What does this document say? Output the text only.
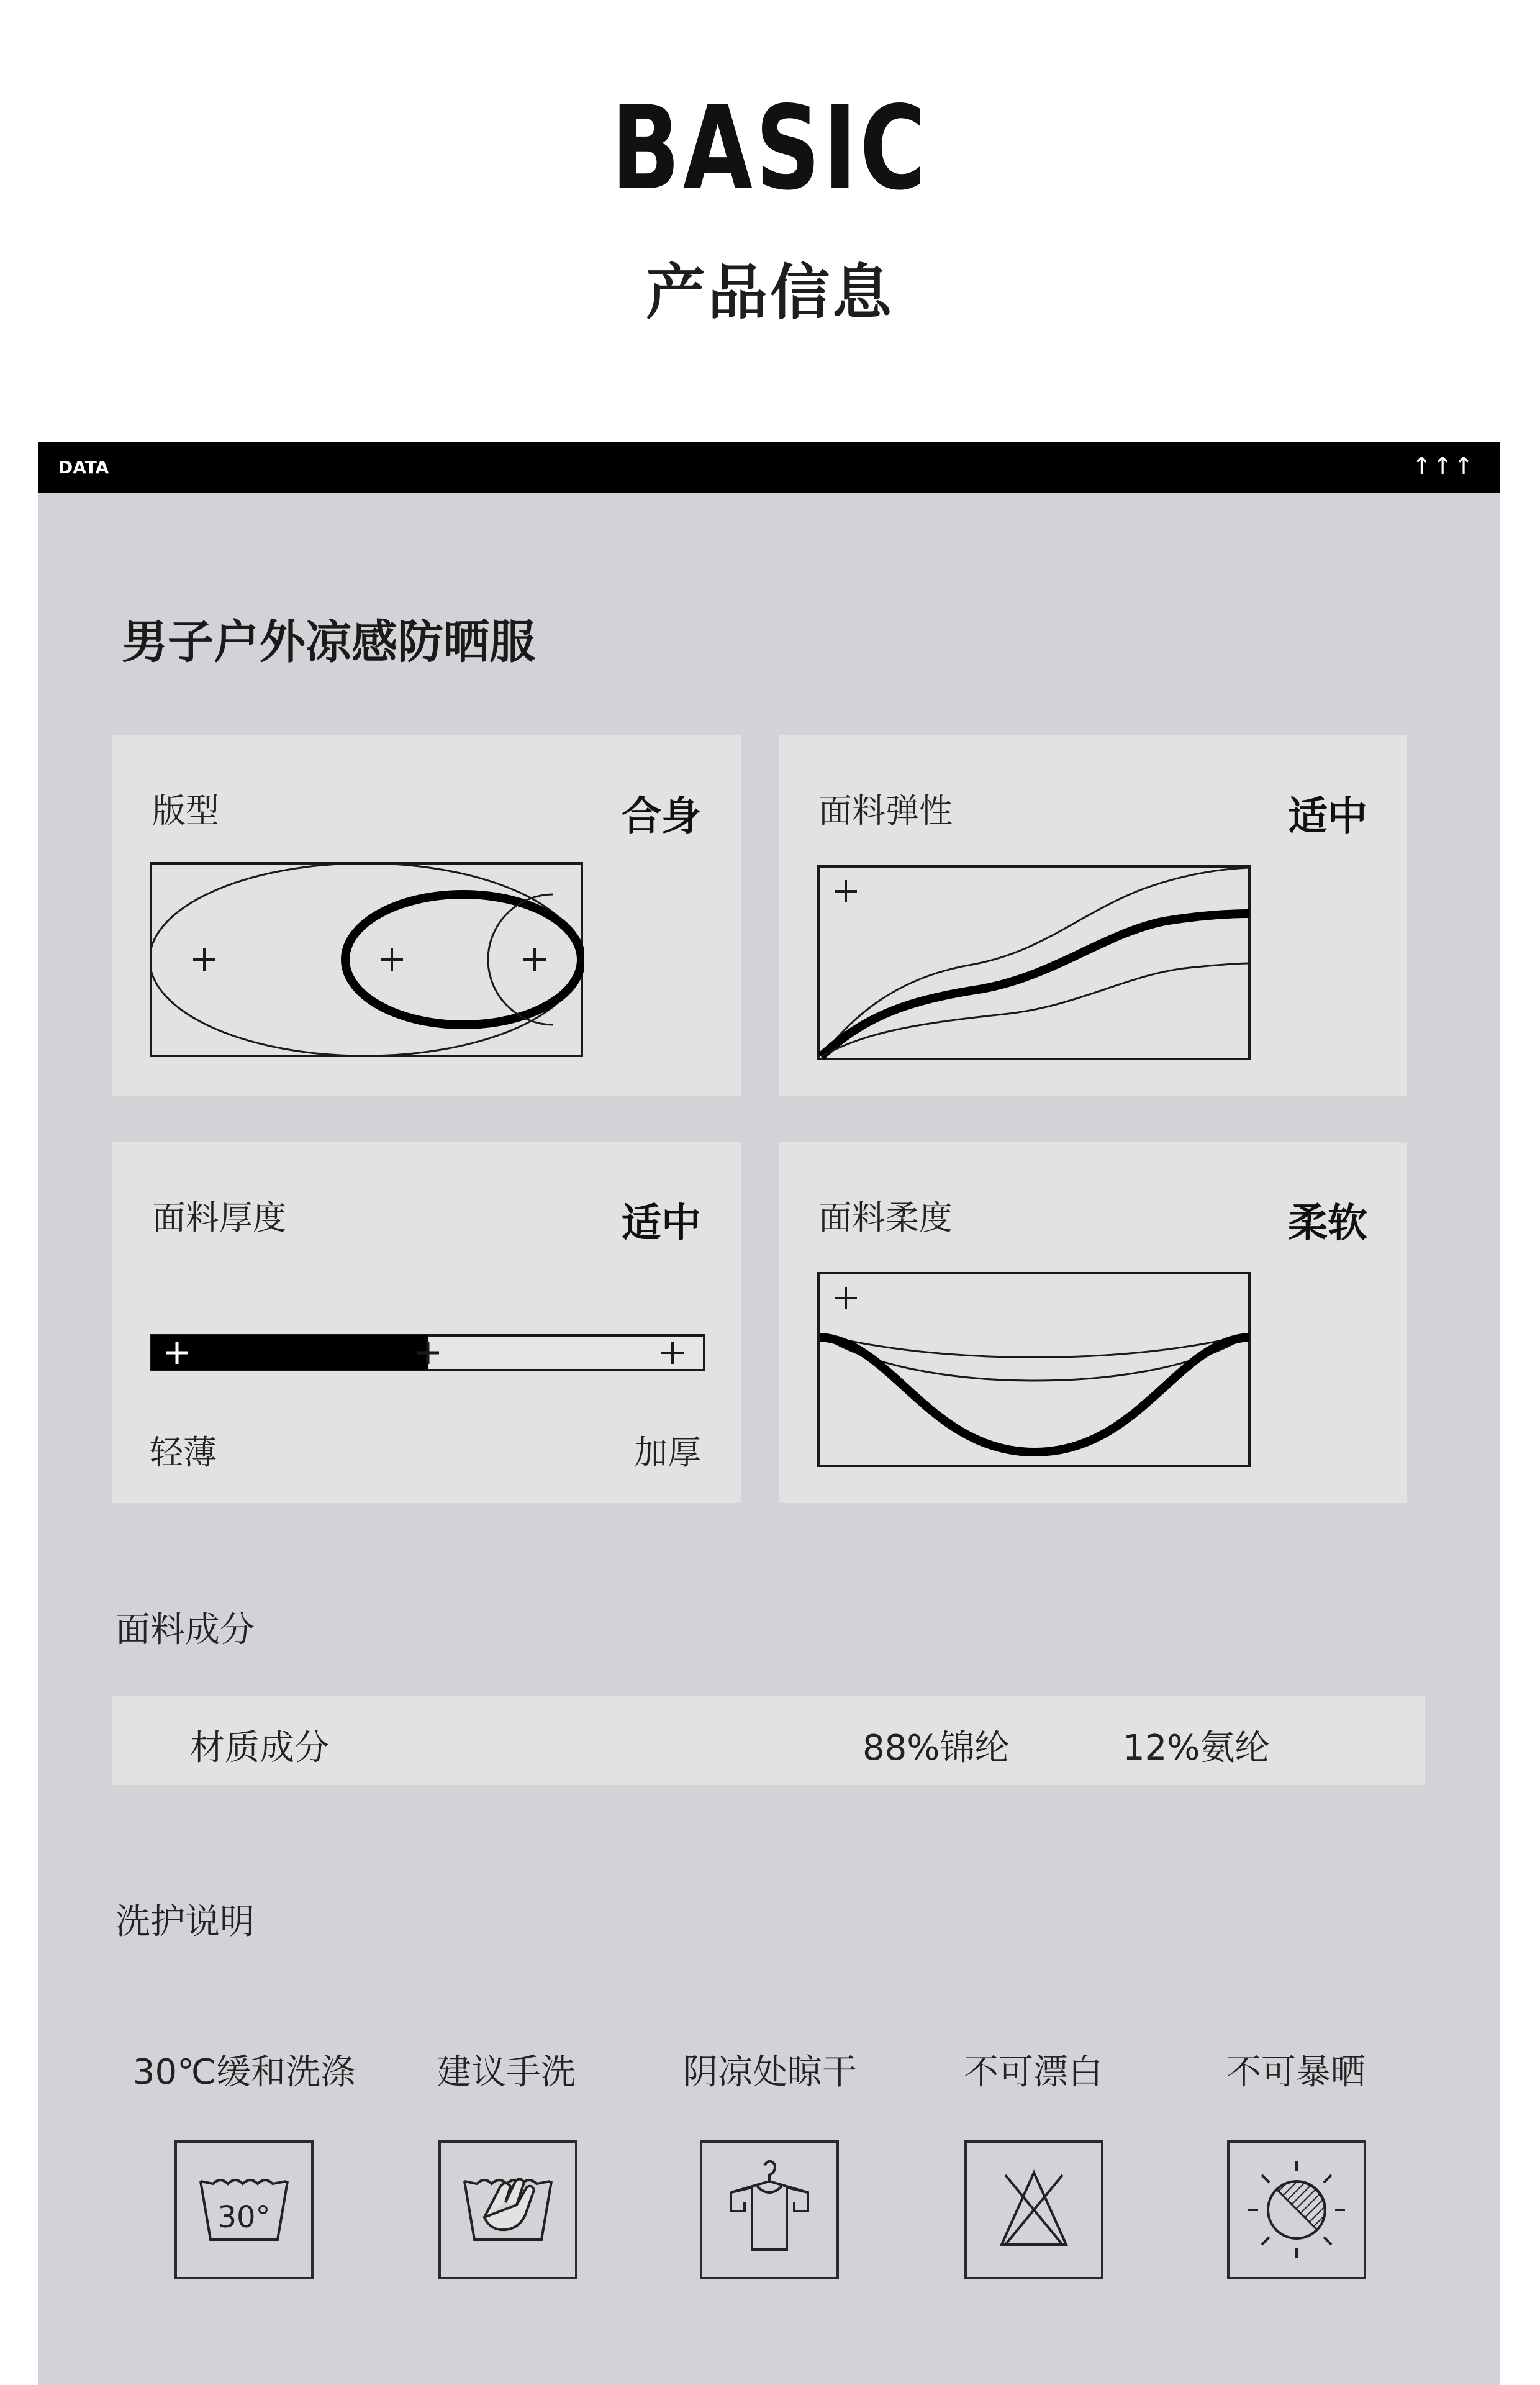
BASIC
产品信息
DATA	↑↑↑
男子户外凉感防晒服
版型	合身	面料弹性	适中
面料厚度	适中
轻薄	加厚
面料柔度	柔软
面料成分
材质成分	88%锦纶	12%氨纶
洗护说明
30℃缓和洗涤	建议手洗	阴凉处晾干	不可漂白	不可暴晒
30°
